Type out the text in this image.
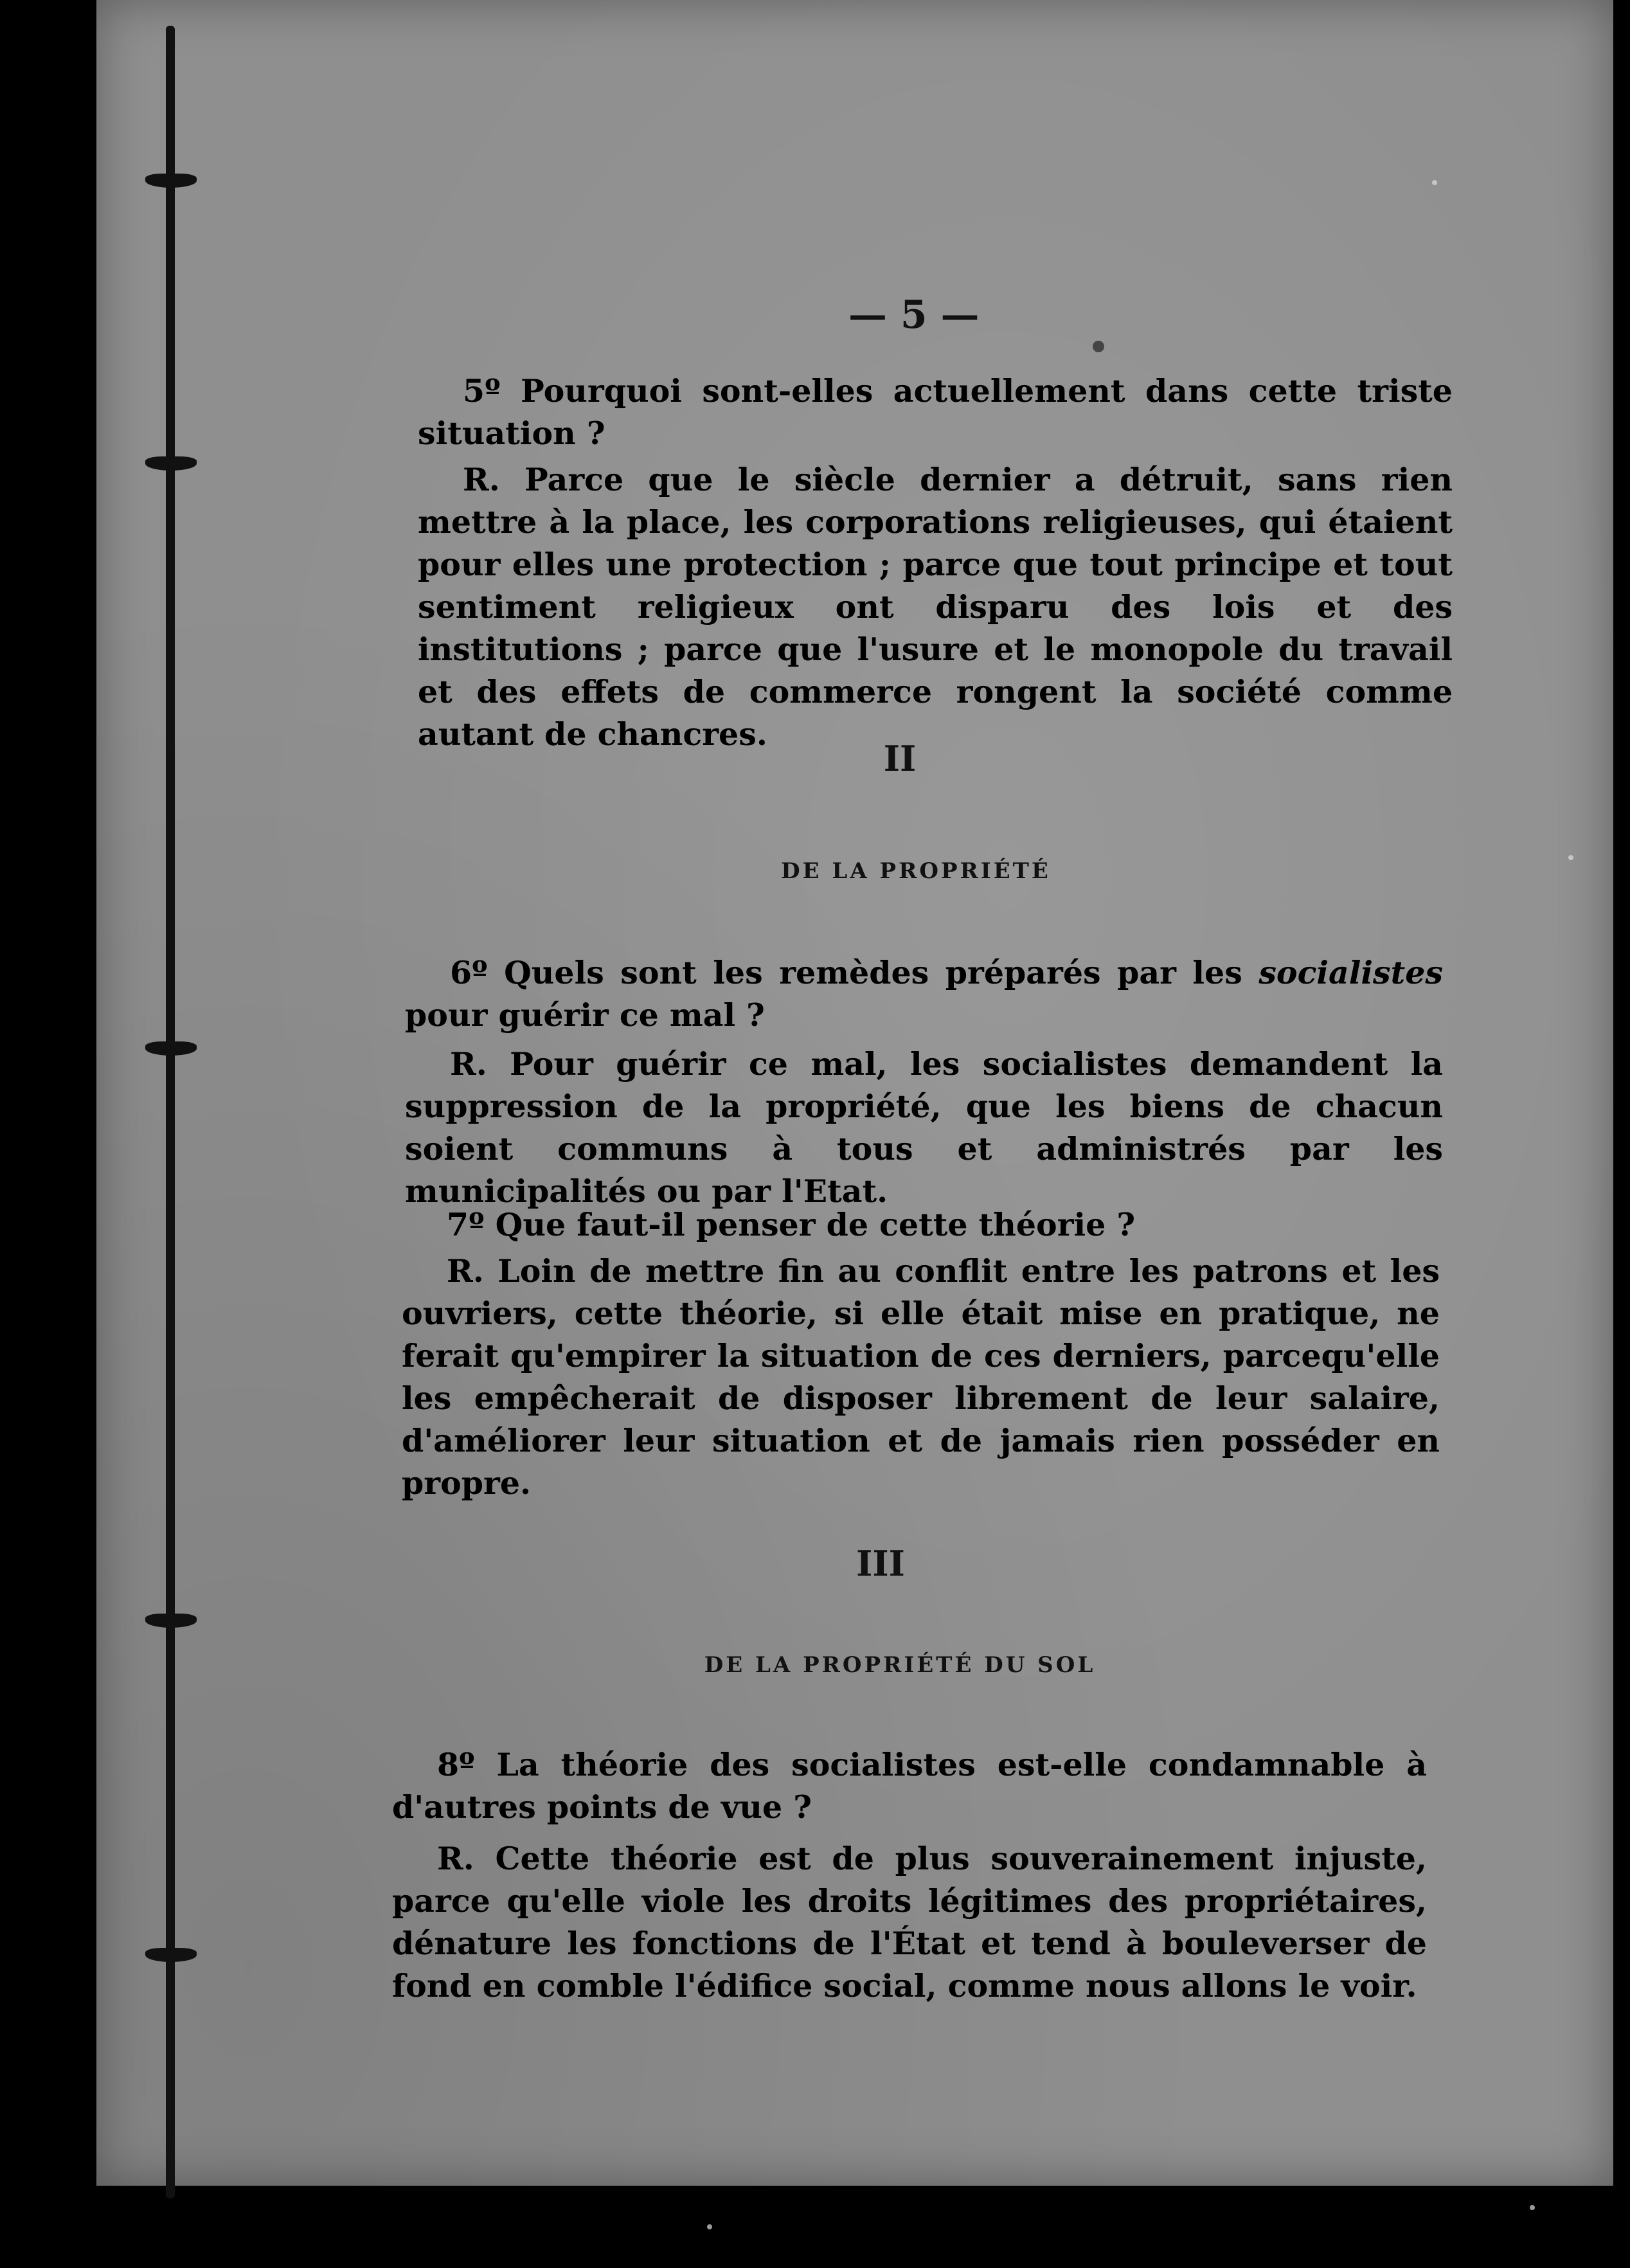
— 5 —

5º Pourquoi sont-elles actuellement dans cette triste situation ?

R. Parce que le siècle dernier a détruit, sans rien mettre à la place, les corporations religieuses, qui étaient pour elles une protection ; parce que tout principe et tout sentiment religieux ont disparu des lois et des institutions ; parce que l'usure et le monopole du travail et des effets de commerce rongent la société comme autant de chancres.

II
DE LA PROPRIÉTÉ

6º Quels sont les remèdes préparés par les socialistes pour guérir ce mal ?

R. Pour guérir ce mal, les socialistes demandent la suppression de la propriété, que les biens de chacun soient communs à tous et administrés par les municipalités ou par l'Etat.

7º Que faut-il penser de cette théorie ?

R. Loin de mettre fin au conflit entre les patrons et les ouvriers, cette théorie, si elle était mise en pratique, ne ferait qu'empirer la situation de ces derniers, parcequ'elle les empêcherait de disposer librement de leur salaire, d'améliorer leur situation et de jamais rien posséder en propre.

III
DE LA PROPRIÉTÉ DU SOL

8º La théorie des socialistes est-elle condamnable à d'autres points de vue ?

R. Cette théorie est de plus souverainement injuste, parce qu'elle viole les droits légitimes des propriétaires, dénature les fonctions de l'État et tend à bouleverser de fond en comble l'édifice social, comme nous allons le voir.
